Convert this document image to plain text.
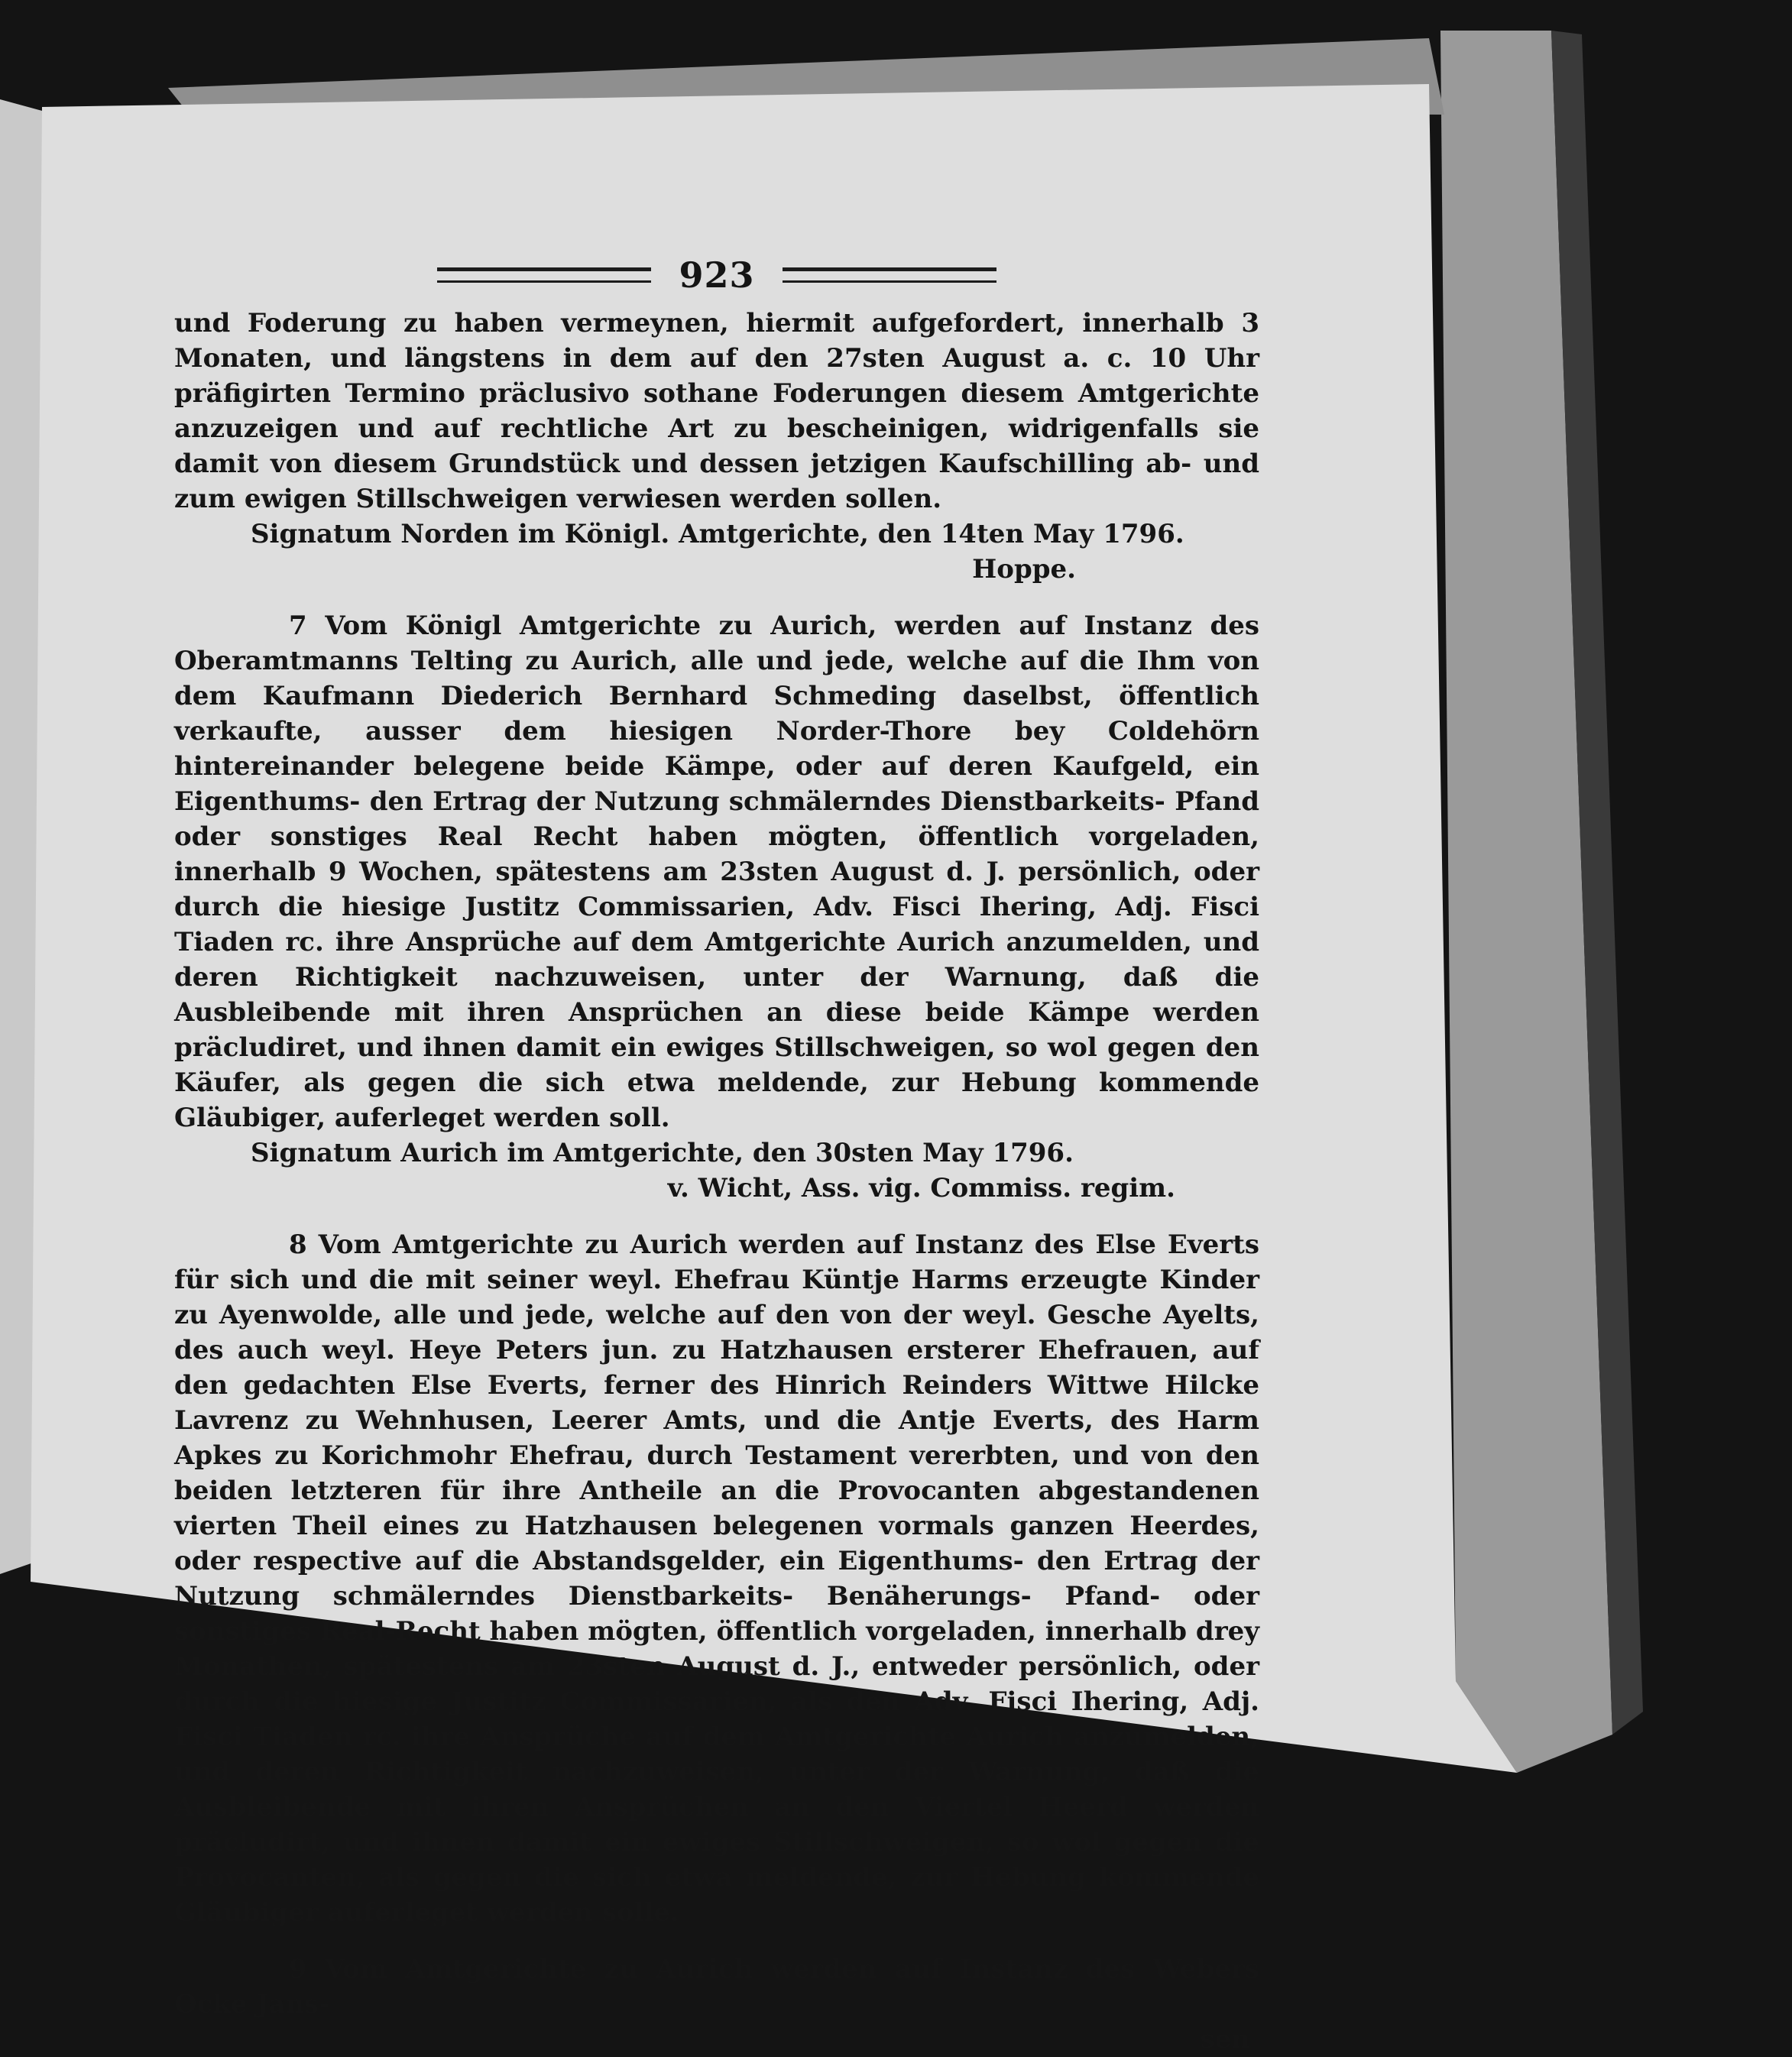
923

und Foderung zu haben vermeynen, hiermit aufgefordert, innerhalb 3 Monaten, und längstens in dem auf den 27sten August a. c. 10 Uhr präfigirten Termino präclusivo sothane Foderungen diesem Amtgerichte anzuzeigen und auf rechtliche Art zu bescheinigen, widrigenfalls sie damit von diesem Grundstück und dessen jetzigen Kaufschilling ab- und zum ewigen Stillschweigen verwiesen werden sollen.

Signatum Norden im Königl. Amtgerichte, den 14ten May 1796.

Hoppe.

7 Vom Königl Amtgerichte zu Aurich, werden auf Instanz des Oberamtmanns Telting zu Aurich, alle und jede, welche auf die Ihm von dem Kaufmann Diederich Bernhard Schmeding daselbst, öffentlich verkaufte, ausser dem hiesigen Norder-Thore bey Coldehörn hintereinander belegene beide Kämpe, oder auf deren Kaufgeld, ein Eigenthums- den Ertrag der Nutzung schmälerndes Dienstbarkeits- Pfand oder sonstiges Real Recht haben mögten, öffentlich vorgeladen, innerhalb 9 Wochen, spätestens am 23sten August d. J. persönlich, oder durch die hiesige Justitz Commissarien, Adv. Fisci Ihering, Adj. Fisci Tiaden rc. ihre Ansprüche auf dem Amtgerichte Aurich anzumelden, und deren Richtigkeit nachzuweisen, unter der Warnung, daß die Ausbleibende mit ihren Ansprüchen an diese beide Kämpe werden präcludiret, und ihnen damit ein ewiges Stillschweigen, so wol gegen den Käufer, als gegen die sich etwa meldende, zur Hebung kommende Gläubiger, auferleget werden soll.

Signatum Aurich im Amtgerichte, den 30sten May 1796.

v. Wicht, Ass. vig. Commiss. regim.

8 Vom Amtgerichte zu Aurich werden auf Instanz des Else Everts für sich und die mit seiner weyl. Ehefrau Küntje Harms erzeugte Kinder zu Ayenwolde, alle und jede, welche auf den von der weyl. Gesche Ayelts, des auch weyl. Heye Peters jun. zu Hatzhausen ersterer Ehefrauen, auf den gedachten Else Everts, ferner des Hinrich Reinders Wittwe Hilcke Lavrenz zu Wehnhusen, Leerer Amts, und die Antje Everts, des Harm Apkes zu Korichmohr Ehefrau, durch Testament vererbten, und von den beiden letzteren für ihre Antheile an die Provocanten abgestandenen vierten Theil eines zu Hatzhausen belegenen vormals ganzen Heerdes, oder respective auf die Abstandsgelder, ein Eigenthums- den Ertrag der Nutzung schmälerndes Dienstbarkeits- Benäherungs- Pfand- oder sonstiges Real-Recht haben mögten, öffentlich vorgeladen, innerhalb drey Monathen, spätestens am 23sten August d. J., entweder persönlich, oder durch die hiesige Justitz Commissarien, als den Adv. Fisci Ihering, Adj. Fisci Tiaden rc. ihre Ansprüche auf dem Amtgerichte Aurich anzumelden, und deren Richtigkeit nachzuweisen, unter der Warnung, daß die Ausbleibende mit ihren Ansprüchen an den Viertel Heerd werden präcludirt, und ihnen damit ein ewiges Stillschweigen, so wol gegen die Provocanten, als gegen die sich etwa meldende, zur Hebung kommende Gläubiger auferleget werden solle.

9 Vom Amtgerichte zu Aurich werden auf Instanz des Webers Ocke Jans-

sen
